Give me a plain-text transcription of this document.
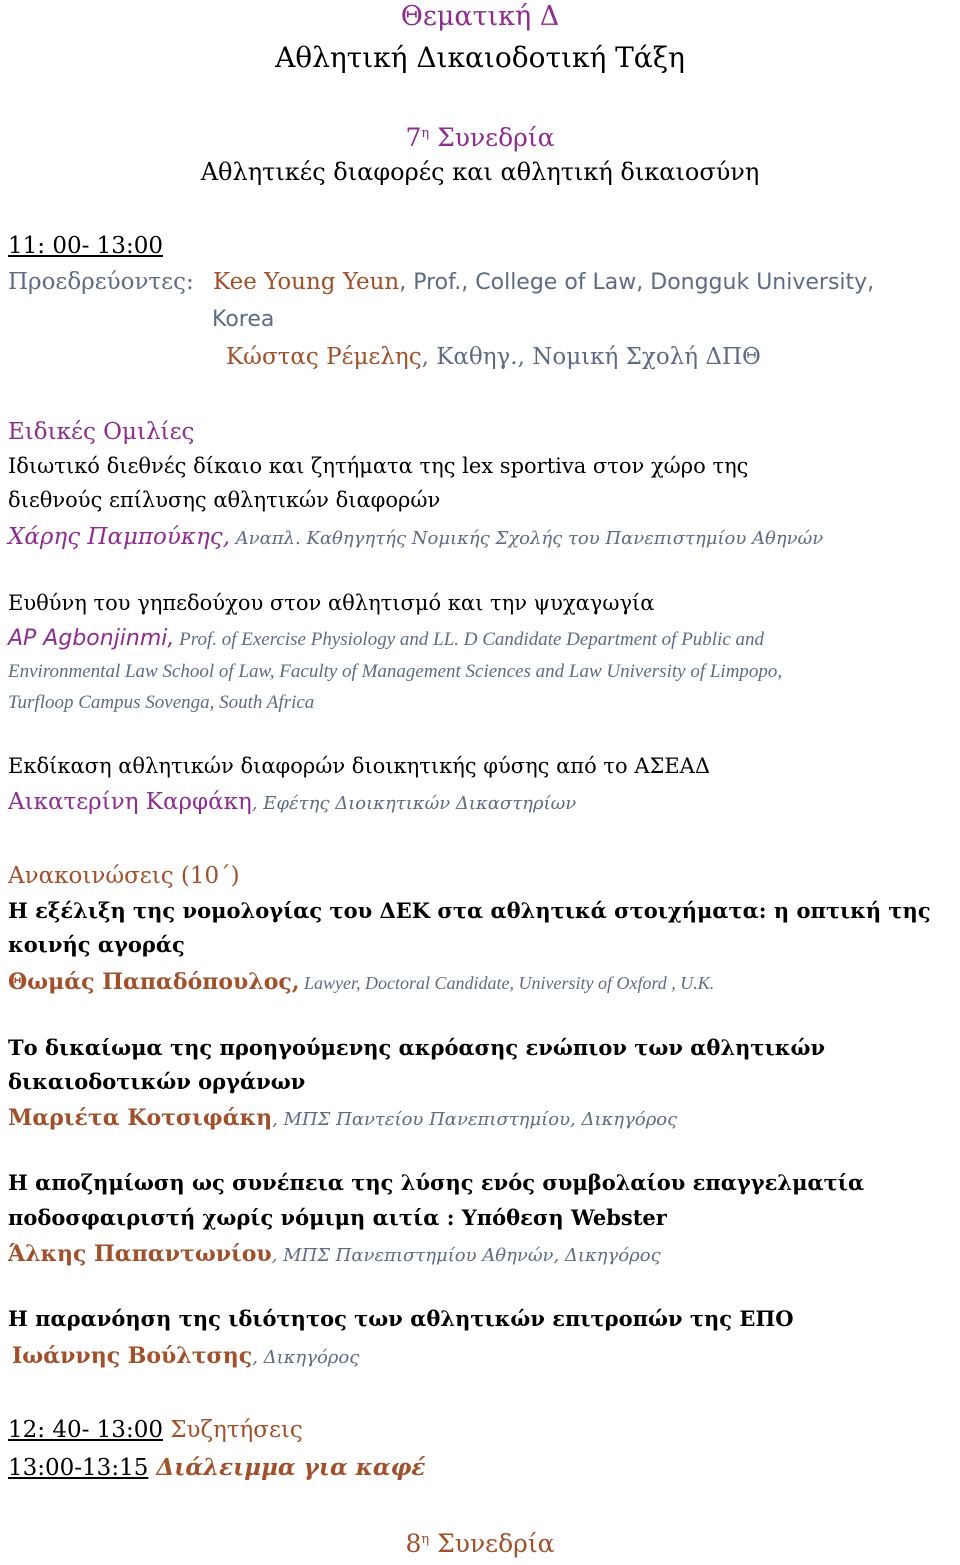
Θεματική Δ
Αθλητική Δικαιοδοτική Τάξη
$7^\eta$ Συνεδρία
Αθλητικές διαφορές και αθλητική δικαιοσύνη
11: 00- 13:00
Προεδρεύοντες: Kee Young Yeun, Prof., College of Law, Dongguk University,
Korea
Κώστας Ρέμελης, Καθηγ., Νομική Σχολή ΔΠΘ
Ειδικές Ομιλίες
Ιδιωτικό διεθνές δίκαιο και ζητήματα της lex sportiva στον χώρο της
διεθνούς επίλυσης αθλητικών διαφορών
Χάρης Παμπούκης, Αναπλ. Καθηγητής Νομικής Σχολής του Πανεπιστημίου Αθηνών
Ευθύνη του γηπεδούχου στον αθλητισμό και την ψυχαγωγία
AP Agbonjinmi, Prof. of Exercise Physiology and LL. D Candidate Department of Public and
Environmental Law School of Law, Faculty of Management Sciences and Law University of Limpopo,
Turfloop Campus Sovenga, South Africa
Εκδίκαση αθλητικών διαφορών διοικητικής φύσης από το ΑΣΕΑΔ
Αικατερίνη Καρφάκη, Εφέτης Διοικητικών Δικαστηρίων
Ανακοινώσεις (10΄)
Η εξέλιξη της νομολογίας του ΔΕΚ στα αθλητικά στοιχήματα: η οπτική της
κοινής αγοράς
Θωμάς Παπαδόπουλος, Lawyer, Doctoral Candidate, University of Oxford , U.K.
Το δικαίωμα της προηγούμενης ακρόασης ενώπιον των αθλητικών
δικαιοδοτικών οργάνων
Μαριέτα Κοτσιφάκη, ΜΠΣ Παντείου Πανεπιστημίου, Δικηγόρος
Η αποζημίωση ως συνέπεια της λύσης ενός συμβολαίου επαγγελματία
ποδοσφαιριστή χωρίς νόμιμη αιτία : Υπόθεση Webster
Άλκης Παπαντωνίου, ΜΠΣ Πανεπιστημίου Αθηνών, Δικηγόρος
Η παρανόηση της ιδιότητος των αθλητικών επιτροπών της ΕΠΟ
Ιωάννης Βούλτσης, Δικηγόρος
12: 40- 13:00 Συζητήσεις
13:00-13:15 Διάλειμμα για καφέ
$8^\eta$ Συνεδρία
